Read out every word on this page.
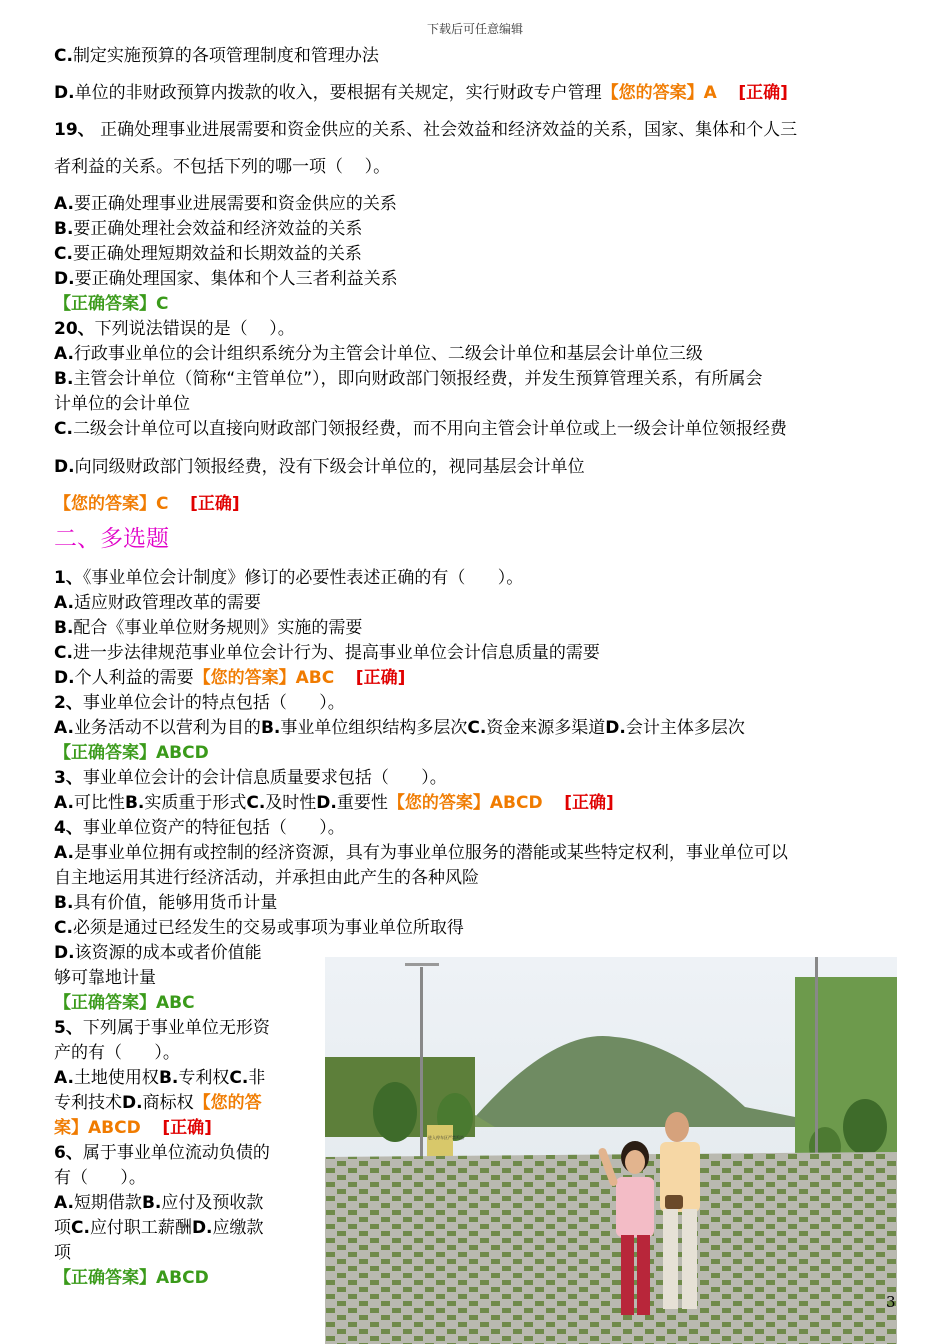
下载后可任意编辑
C.制定实施预算的各项管理制度和管理办法
D.单位的非财政预算内拨款的收入，要根据有关规定，实行财政专户管理【您的答案】A [正确]
19、 正确处理事业进展需要和资金供应的关系、社会效益和经济效益的关系，国家、集体和个人三
者利益的关系。不包括下列的哪一项（    ）。
A.要正确处理事业进展需要和资金供应的关系
B.要正确处理社会效益和经济效益的关系
C.要正确处理短期效益和长期效益的关系
D.要正确处理国家、集体和个人三者利益关系
【正确答案】C
20、下列说法错误的是（    ）。
A.行政事业单位的会计组织系统分为主管会计单位、二级会计单位和基层会计单位三级
B.主管会计单位（简称“主管单位”），即向财政部门领报经费，并发生预算管理关系，有所属会
计单位的会计单位
C.二级会计单位可以直接向财政部门领报经费，而不用向主管会计单位或上一级会计单位领报经费
D.向同级财政部门领报经费，没有下级会计单位的，视同基层会计单位
【您的答案】C [正确]
1、《事业单位会计制度》修订的必要性表述正确的有（      ）。
A.适应财政管理改革的需要
B.配合《事业单位财务规则》实施的需要
C.进一步法律规范事业单位会计行为、提高事业单位会计信息质量的需要
D.个人利益的需要【您的答案】ABC [正确]
2、事业单位会计的特点包括（      ）。
A.业务活动不以营利为目的B.事业单位组织结构多层次C.资金来源多渠道D.会计主体多层次
【正确答案】ABCD
3、事业单位会计的会计信息质量要求包括（      ）。
A.可比性B.实质重于形式C.及时性D.重要性【您的答案】ABCD [正确]
4、事业单位资产的特征包括（      ）。
A.是事业单位拥有或控制的经济资源，具有为事业单位服务的潜能或某些特定权利，事业单位可以
自主地运用其进行经济活动，并承担由此产生的各种风险
B.具有价值，能够用货币计量
C.必须是通过已经发生的交易或事项为事业单位所取得
D.该资源的成本或者价值能
够可靠地计量
【正确答案】ABC
5、下列属于事业单位无形资
产的有（      ）。
A.土地使用权B.专利权C.非
专利技术D.商标权【您的答
案】ABCD [正确]
6、属于事业单位流动负债的
有（      ）。
A.短期借款B.应付及预收款
项C.应付职工薪酬D.应缴款
项
【正确答案】ABCD
二、多选题
进入停车区严禁鸣笛
3
